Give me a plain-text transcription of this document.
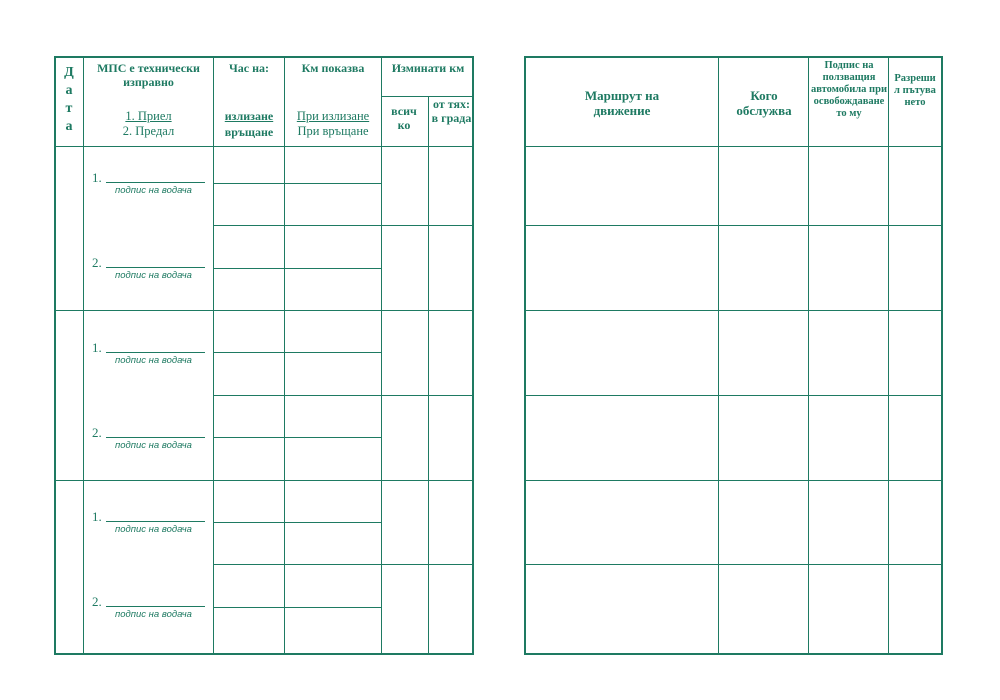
Д
а
т
а
МПС е технически изправно
1. Приел
2. Предал
Час на:
излизане
връщане
Км показва
При излизане
При връщане
Изминати км
всич ко
от тях: в града
1.
подпис на водача
2.
подпис на водача
1.
подпис на водача
2.
подпис на водача
1.
подпис на водача
2.
подпис на водача
Маршрут на движение
Кого обслужва
Подпис на ползващия автомобила при освобождаване то му
Разрешил пътуването
